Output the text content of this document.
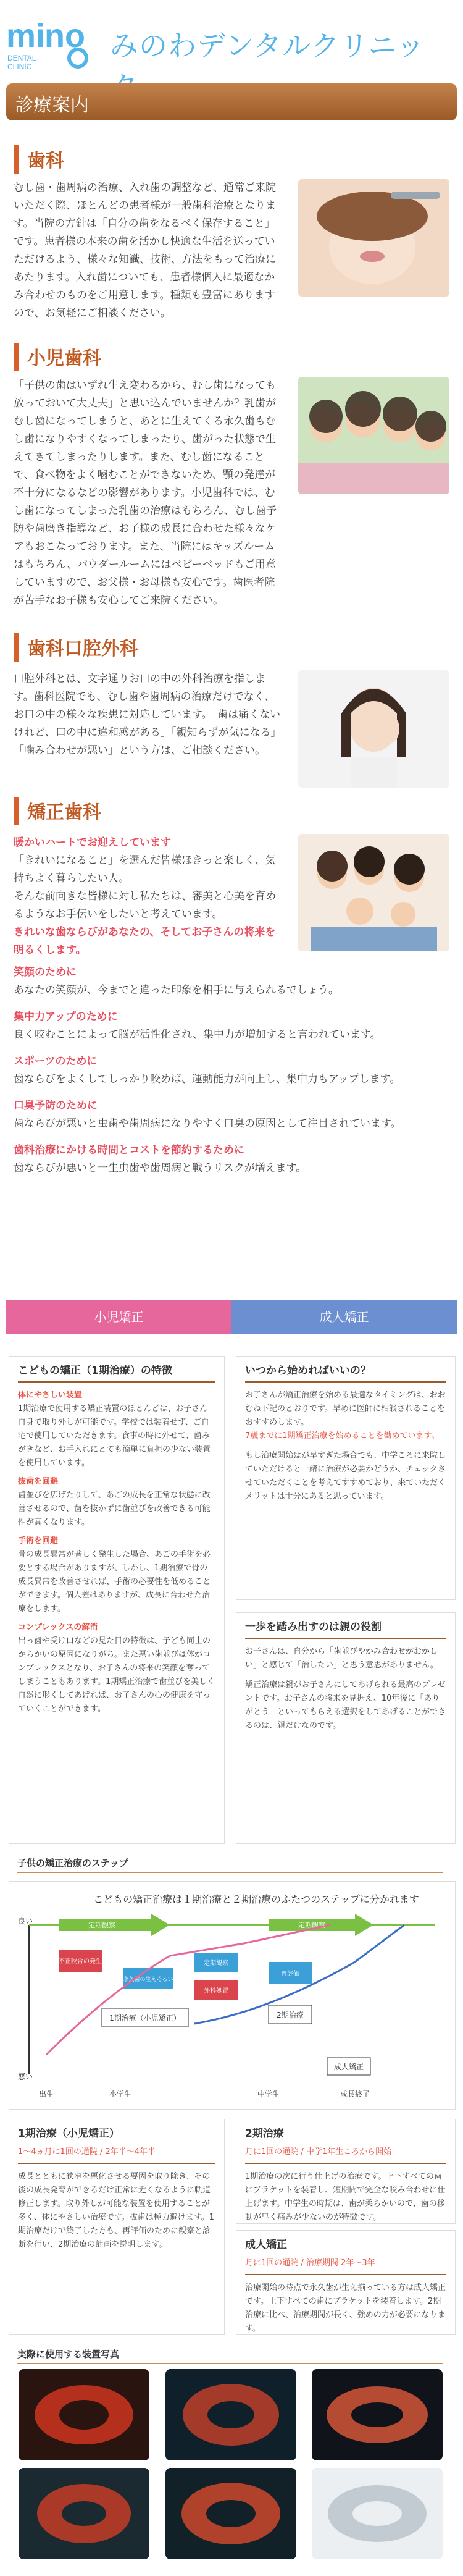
mi
no
DENTAL
CLINIC
みのわデンタルクリニッ
診療案内
歯科
むし歯・歯周病の治療、入れ歯の調整など、通常ご来院いただく際、ほとんどの患者様が一般歯科治療となります。当院の方針は「自分の歯をなるべく保存すること」です。患者様の本来の歯を活かし快適な生活を送っていただけるよう、様々な知識、技術、方法をもって治療にあたります。入れ歯についても、患者様個人に最適なかみ合わせのものをご用意します。種類も豊富にありますので、お気軽にご相談ください。
小児歯科
「子供の歯はいずれ生え変わるから、むし歯になっても放っておいて大丈夫」と思い込んでいませんか？乳歯がむし歯になってしまうと、あとに生えてくる永久歯もむし歯になりやすくなってしまったり、歯がった状態で生えてきてしまったりします。また、むし歯になることで、食べ物をよく噛むことができないため、顎の発達が不十分になるなどの影響があります。小児歯科では、むし歯になってしまった乳歯の治療はもちろん、むし歯予防や歯磨き指導など、お子様の成長に合わせた様々なケアもおこなっております。また、当院にはキッズルームはもちろん、パウダールームにはベビーベッドもご用意していますので、お父様・お母様も安心です。歯医者院が苦手なお子様も安心してご来院ください。
歯科口腔外科
口腔外科とは、文字通りお口の中の外科治療を指します。歯科医院でも、むし歯や歯周病の治療だけでなく、お口の中の様々な疾患に対応しています。「歯は痛くないけれど、口の中に違和感がある」「親知らずが気になる」「噛み合わせが悪い」という方は、ご相談ください。
矯正歯科
暖かいハートでお迎えしています
「きれいになること」を選んだ皆様ほきっと楽しく、気持ちよく暮らしたい人。
そんな前向きな皆様に対し私たちは、審美と心美を育めるようなお手伝いをしたいと考えています。
きれいな歯ならびがあなたの、そしてお子さんの将来を明るくします。
笑顔のために
あなたの笑顔が、今までと違った印象を相手に与えられるでしょう。
集中力アップのために
良く咬むことによって脳が活性化され、集中力が増加すると言われています。
スポーツのために
歯ならびをよくしてしっかり咬めば、運動能力が向上し、集中力もアップします。
口臭予防のために
歯ならびが悪いと虫歯や歯周病になりやすく口臭の原因として注目されています。
歯科治療にかける時間とコストを節約するために
歯ならびが悪いと一生虫歯や歯周病と戦うリスクが増えます。
小児矯正	成人矯正
こどもの矯正（1期治療）の特徴
体にやさしい装置
1期治療で使用する矯正装置のほとんどは、お子さん自身で取り外しが可能です。学校では装着せず、ご自宅で使用していただきます。食事の時に外せて、歯みがきなど、お手入れにとても簡単に負担の少ない装置を使用しています。
抜歯を回避
歯並びを広げたりして、あごの成長を正常な状態に改善させるので、歯を抜かずに歯並びを改善できる可能性が高くなります。
手術を回避
骨の成長異常が著しく発生した場合、あごの手術を必要とする場合がありますが、しかし、1期治療で骨の成長異常を改善させれば、手術の必要性を低めることができます。個人差はありますが、成長に合わせた治療をします。
コンプレックスの解消
出っ歯や受け口などの見た目の特徴は、子ども同士のからかいの原因になりがち。また悪い歯並びは体がコンプレックスとなり、お子さんの将来の笑顔を奪ってしまうこともあります。1期矯正治療で歯並びを美しく自然に形くしてあげれば、お子さんの心の健康を守っていくことができます。
いつから始めればいいの？
お子さんが矯正治療を始める最適なタイミングは、おおむね下記のとおりです。早めに医師に相談されることをおすすめします。
7歳までに1期矯正治療を始めることを勧めています。
もし治療開始はが早すぎた場合でも、中学ころに来院していただけると一緒に治療が必要かどうか、チェックさせていただくことを考えてすすめており、来ていただくメリットは十分にあると思っています。
一歩を踏み出すのは親の役割
お子さんは、自分から「歯並びやかみ合わせがおかしい」と感じて「治したい」と思う意思がありません。
矯正治療は親がお子さんにしてあげられる最高のプレゼントです。お子さんの将来を見据え、10年後に「ありがとう」といってもらえる選択をしてあげることができるのは、親だけなのです。
子供の矯正治療のステップ
こどもの矯正治療は１期治療と２期治療のふたつのステップに分かれます
良い
悪い
定期観察	定期観察
不正咬合の発生
永久歯の生えそろい
定期観察
外科処置
再評価
1期治療（小児矯正）	2期治療
成人矯正
出生	小学生	中学生	成長終了
1期治療（小児矯正）
1〜4ヵ月に1回の通院 / 2年半〜4年半
成長とともに狭窄を悪化させる要因を取り除き、その後の成長発育ができるだけ正常に近くなるように軌道修正します。取り外しが可能な装置を使用することが多く、体にやさしい治療です。抜歯は極力避けます。1期治療だけで終了した方も、再評価のために観察と診断を行い、2期治療の計画を説明します。
2期治療
月に1回の通院 / 中学1年生ころから開始
1期治療の次に行う仕上げの治療です。上下すべての歯にブラケットを装着し、短期間で完全な咬み合わせに仕上げます。中学生の時期は、歯が柔らかいので、歯の移動が早く痛みが少ないのが特徴です。
成人矯正
月に1回の通院 / 治療期間 2年〜3年
治療開始の時点で永久歯が生え揃っている方は成人矯正です。上下すべての歯にブラケットを装着します。2期治療に比べ、治療期間が長く、強めの力が必要になります。
実際に使用する装置写真
